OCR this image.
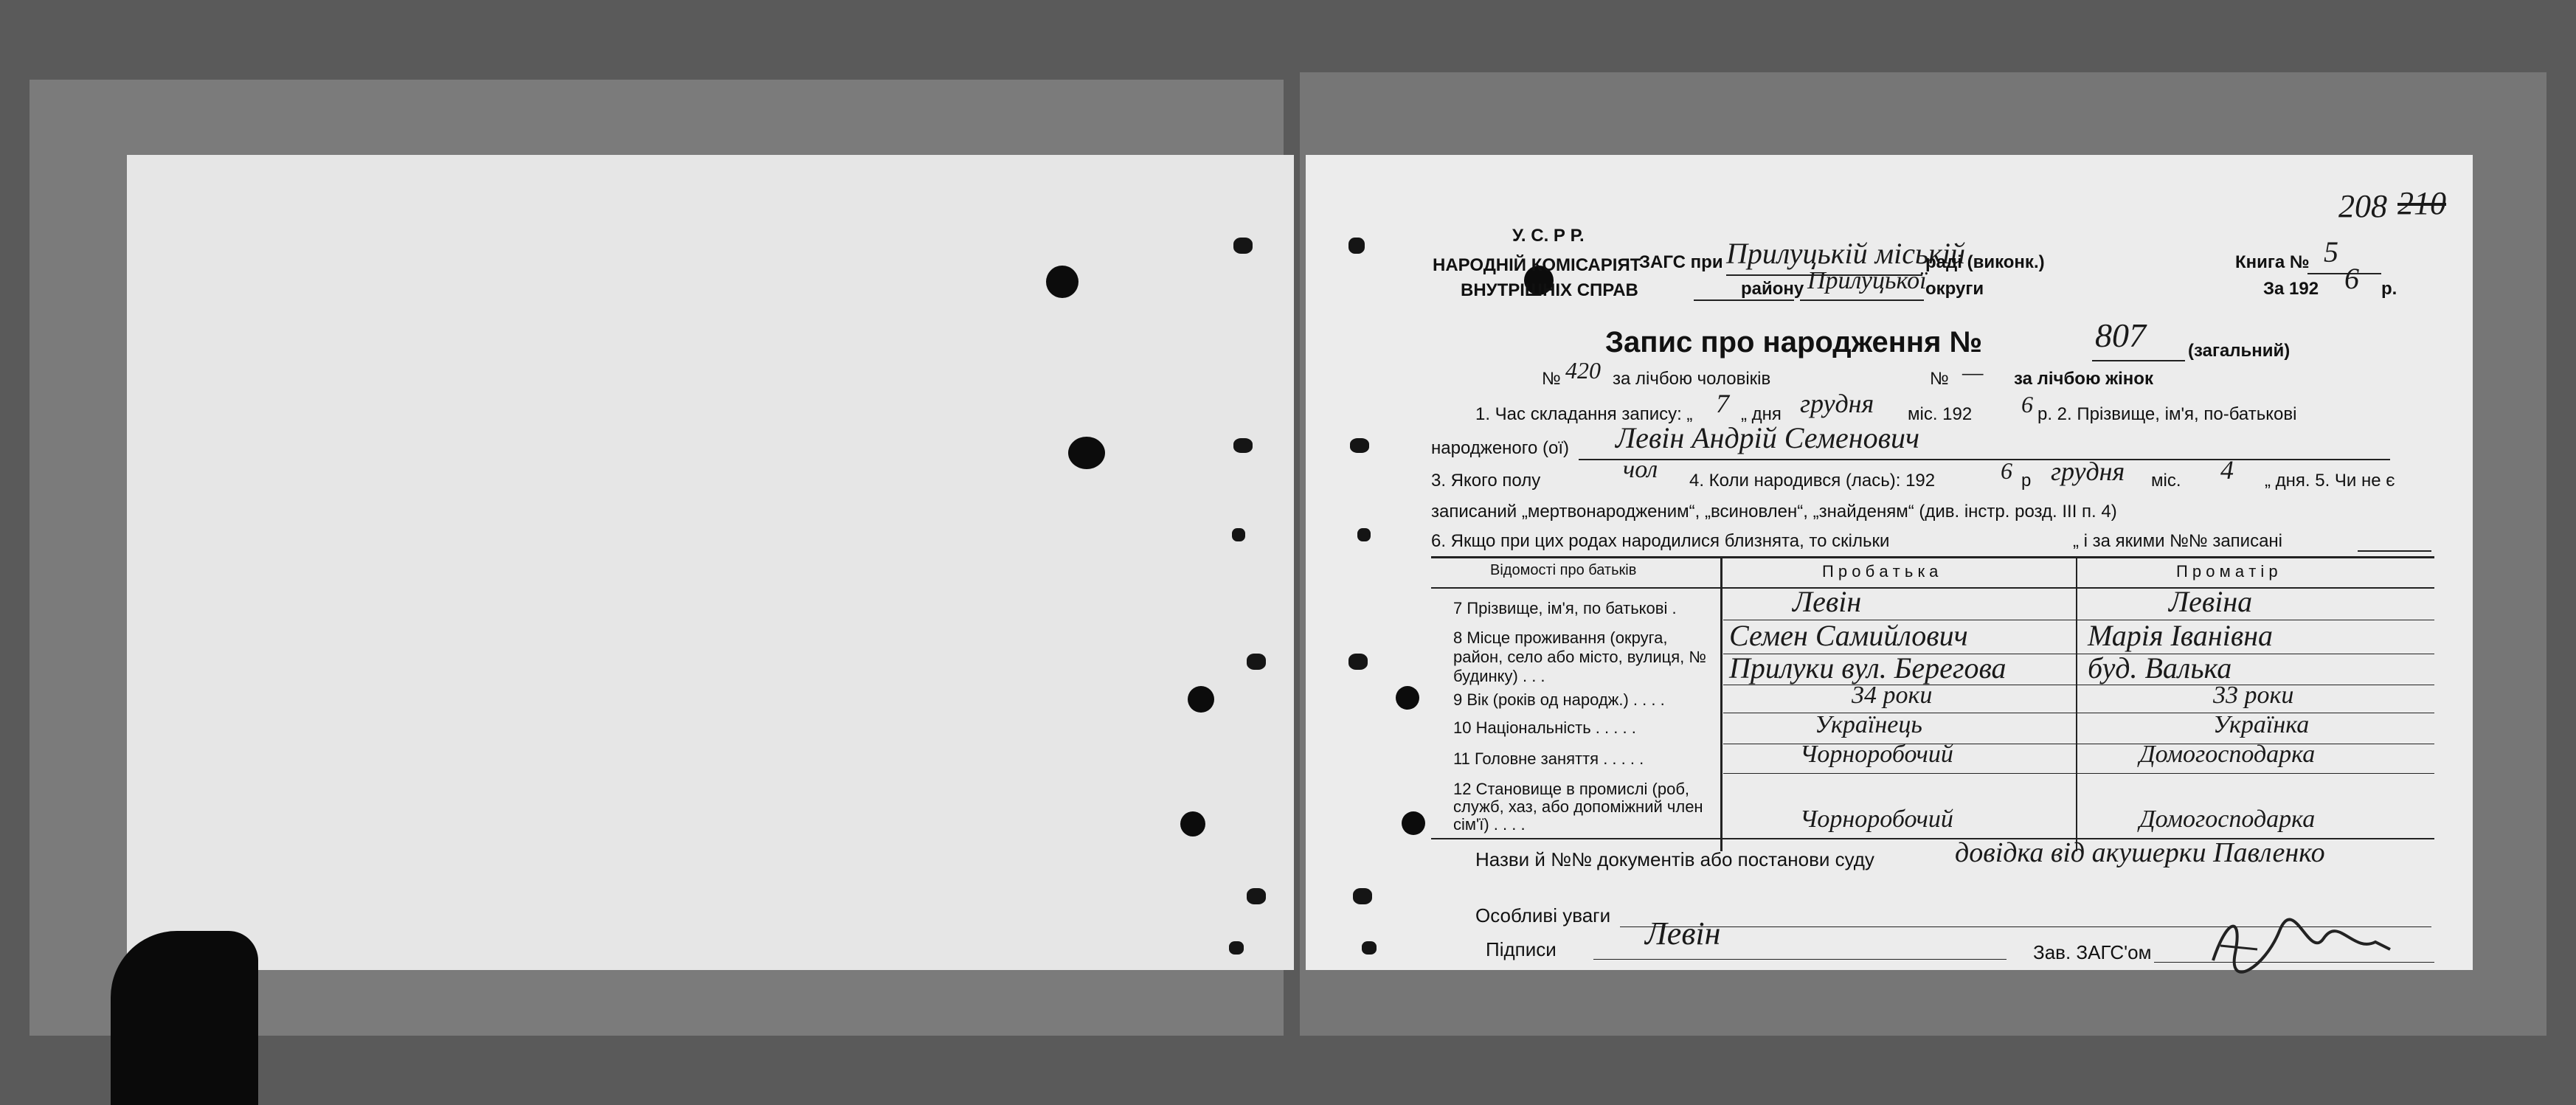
208 210
У. С. Р Р.
НАРОДНІЙ КОМІСАРІЯТ
ВНУТРІШНІХ СПРАВ
ЗАГС при Прилуцькій міській
раді (виконк.)
Прилуцької
району	округи
Книга № 5
За 192 6 р.
Запис про народження №	807 (загальний)
№ 420 за лічбою чоловіків	№ — за лічбою жінок
1. Час складання запису: „ 7 „ дня грудня міс. 192 6 р. 2. Прізвище, ім'я, по-батькові
народженого (ої) Левін Андрій Семенович
3. Якого полу	чол 4. Коли народився (лась): 192	6 р грудня міс. 4 „ дня. 5. Чи не є
записаний „мертвонародженим“, „всиновлен“, „знайденям“ (див. інстр. розд. III п. 4)
6. Якщо при цих родах народилися близнята, то скільки	„ і за якими №№ записані
Відомості про батьків	П р о б а т ь к а	П р о м а т і р
7 Прізвище, ім'я, по батькові .	Левін	Левіна
8 Місце проживання (округа, район, село або місто, вулиця, № будинку) . . .
Семен Самийлович	Марія Іванівна
Прилуки вул. Берегова	буд. Валька
9 Вік (років од народж.) . . . .	34 роки	33 роки
10 Національність . . . . .	Українець	Українка
11 Головне заняття . . . . .	Чорноробочий	Домогосподарка
12 Становище в промислі (роб, служб, хаз, або допоміжний член сім'ї) . . . .	Чорноробочий	Домогосподарка
Назви й №№ документів або постанови суду	довідка від акушерки Павленко
Особливі уваги
Підписи	Левін
Зав. ЗАГС'ом
